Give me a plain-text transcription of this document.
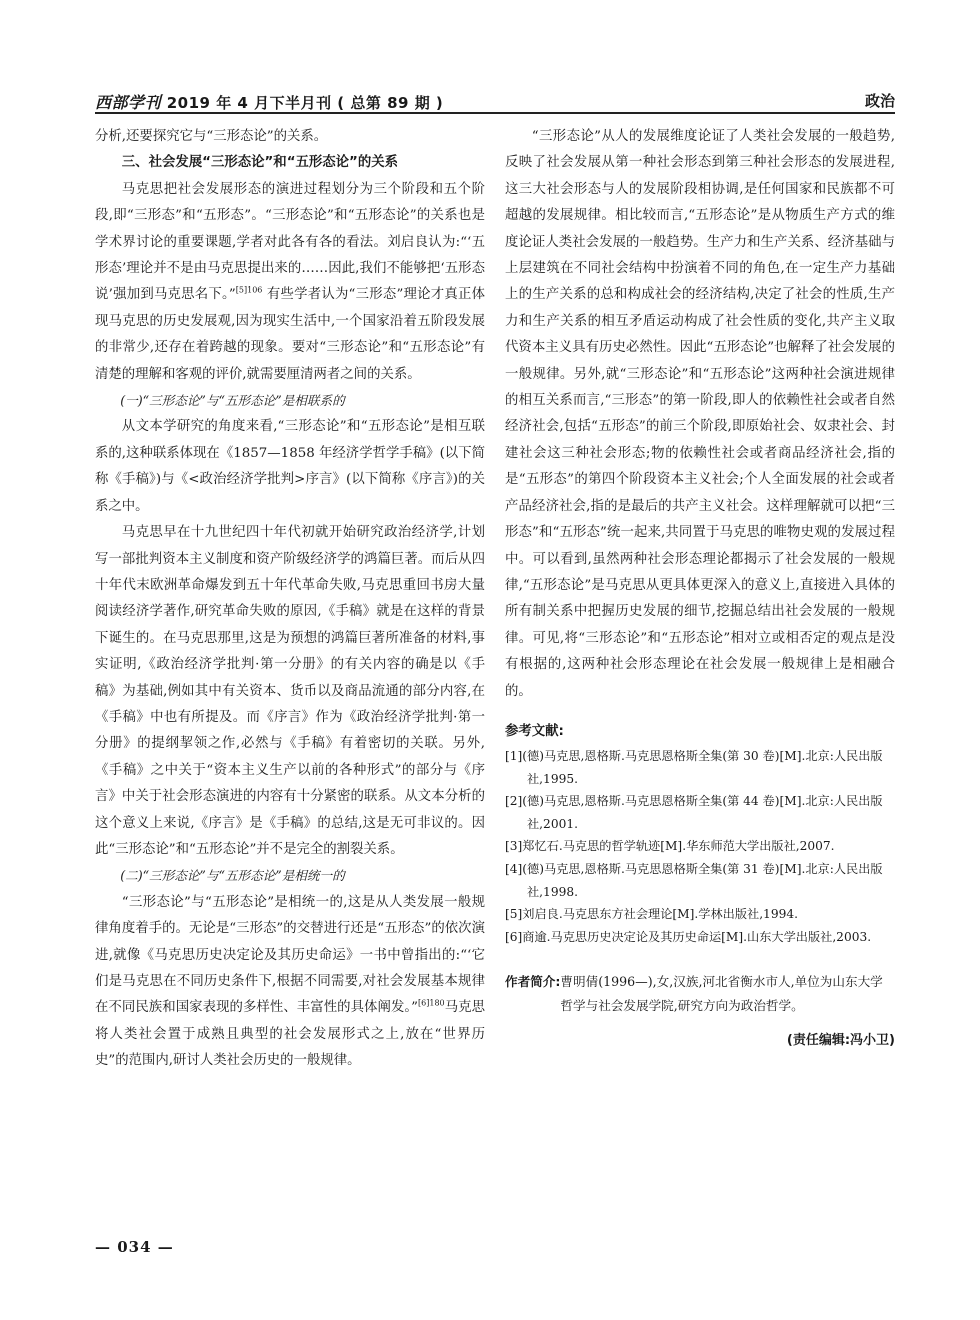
西部学刊 2019 年 4 月下半月刊 ( 总第 89 期 )	政治

分析,还要探究它与“三形态论”的关系。

三、社会发展“三形态论”和“五形态论”的关系

马克思把社会发展形态的演进过程划分为三个阶段和五个阶段,即“三形态”和“五形态”。“三形态论”和“五形态论”的关系也是学术界讨论的重要课题,学者对此各有各的看法。刘启良认为:“‘五形态’理论并不是由马克思提出来的……因此,我们不能够把‘五形态说’强加到马克思名下。”$^{[5]106}$ 有些学者认为“三形态”理论才真正体现马克思的历史发展观,因为现实生活中,一个国家沿着五阶段发展的非常少,还存在着跨越的现象。要对“三形态论”和“五形态论”有清楚的理解和客观的评价,就需要厘清两者之间的关系。

(一)“三形态论”与“五形态论”是相联系的

从文本学研究的角度来看,“三形态论”和“五形态论”是相互联系的,这种联系体现在《1857—1858 年经济学哲学手稿》(以下简称《手稿》)与《<政治经济学批判>序言》(以下简称《序言》)的关系之中。

马克思早在十九世纪四十年代初就开始研究政治经济学,计划写一部批判资本主义制度和资产阶级经济学的鸿篇巨著。而后从四十年代末欧洲革命爆发到五十年代革命失败,马克思重回书房大量阅读经济学著作,研究革命失败的原因,《手稿》就是在这样的背景下诞生的。在马克思那里,这是为预想的鸿篇巨著所准备的材料,事实证明,《政治经济学批判·第一分册》的有关内容的确是以《手稿》为基础,例如其中有关资本、货币以及商品流通的部分内容,在《手稿》中也有所提及。而《序言》作为《政治经济学批判·第一分册》的提纲挈领之作,必然与《手稿》有着密切的关联。另外,《手稿》之中关于“资本主义生产以前的各种形式”的部分与《序言》中关于社会形态演进的内容有十分紧密的联系。从文本分析的这个意义上来说,《序言》是《手稿》的总结,这是无可非议的。因此“三形态论”和“五形态论”并不是完全的割裂关系。

(二)“三形态论”与“五形态论”是相统一的

“三形态论”与“五形态论”是相统一的,这是从人类发展一般规律角度着手的。无论是“三形态”的交替进行还是“五形态”的依次演进,就像《马克思历史决定论及其历史命运》一书中曾指出的:“‘它们是马克思在不同历史条件下,根据不同需要,对社会发展基本规律在不同民族和国家表现的多样性、丰富性的具体阐发。”$^{[6]180}$马克思将人类社会置于成熟且典型的社会发展形式之上,放在“世界历史”的范围内,研讨人类社会历史的一般规律。

“三形态论”从人的发展维度论证了人类社会发展的一般趋势,反映了社会发展从第一种社会形态到第三种社会形态的发展进程,这三大社会形态与人的发展阶段相协调,是任何国家和民族都不可超越的发展规律。相比较而言,“五形态论”是从物质生产方式的维度论证人类社会发展的一般趋势。生产力和生产关系、经济基础与上层建筑在不同社会结构中扮演着不同的角色,在一定生产力基础上的生产关系的总和构成社会的经济结构,决定了社会的性质,生产力和生产关系的相互矛盾运动构成了社会性质的变化,共产主义取代资本主义具有历史必然性。因此“五形态论”也解释了社会发展的一般规律。另外,就“三形态论”和“五形态论”这两种社会演进规律的相互关系而言,“三形态”的第一阶段,即人的依赖性社会或者自然经济社会,包括“五形态”的前三个阶段,即原始社会、奴隶社会、封建社会这三种社会形态;物的依赖性社会或者商品经济社会,指的是“五形态”的第四个阶段资本主义社会;个人全面发展的社会或者产品经济社会,指的是最后的共产主义社会。这样理解就可以把“三形态”和“五形态”统一起来,共同置于马克思的唯物史观的发展过程中。可以看到,虽然两种社会形态理论都揭示了社会发展的一般规律,“五形态论”是马克思从更具体更深入的意义上,直接进入具体的所有制关系中把握历史发展的细节,挖掘总结出社会发展的一般规律。可见,将“三形态论”和“五形态论”相对立或相否定的观点是没有根据的,这两种社会形态理论在社会发展一般规律上是相融合的。

参考文献:
[1](德)马克思,恩格斯.马克思恩格斯全集(第 30 卷)[M].北京:人民出版社,1995.
[2](德)马克思,恩格斯.马克思恩格斯全集(第 44 卷)[M].北京:人民出版社,2001.
[3]郑忆石.马克思的哲学轨迹[M].华东师范大学出版社,2007.
[4](德)马克思,恩格斯.马克思恩格斯全集(第 31 卷)[M].北京:人民出版社,1998.
[5]刘启良.马克思东方社会理论[M].学林出版社,1994.
[6]商逾.马克思历史决定论及其历史命运[M].山东大学出版社,2003.
作者简介: 曹明倩(1996—),女,汉族,河北省衡水市人,单位为山东大学哲学与社会发展学院,研究方向为政治哲学。
(责任编辑:冯小卫)
— 034 —
